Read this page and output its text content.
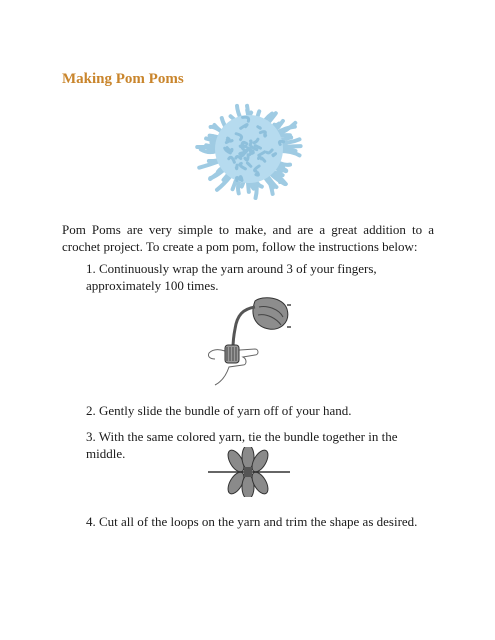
Making Pom Poms

Pom Poms are very simple to make, and are a great addition to a crochet project. To create a pom pom, follow the instructions below:

1. Continuously wrap the yarn around 3 of your fingers, approximately 100 times.

2. Gently slide the bundle of yarn off of your hand.

3. With the same colored yarn, tie the bundle together in the middle.

4. Cut all of the loops on the yarn and trim the shape as desired.
